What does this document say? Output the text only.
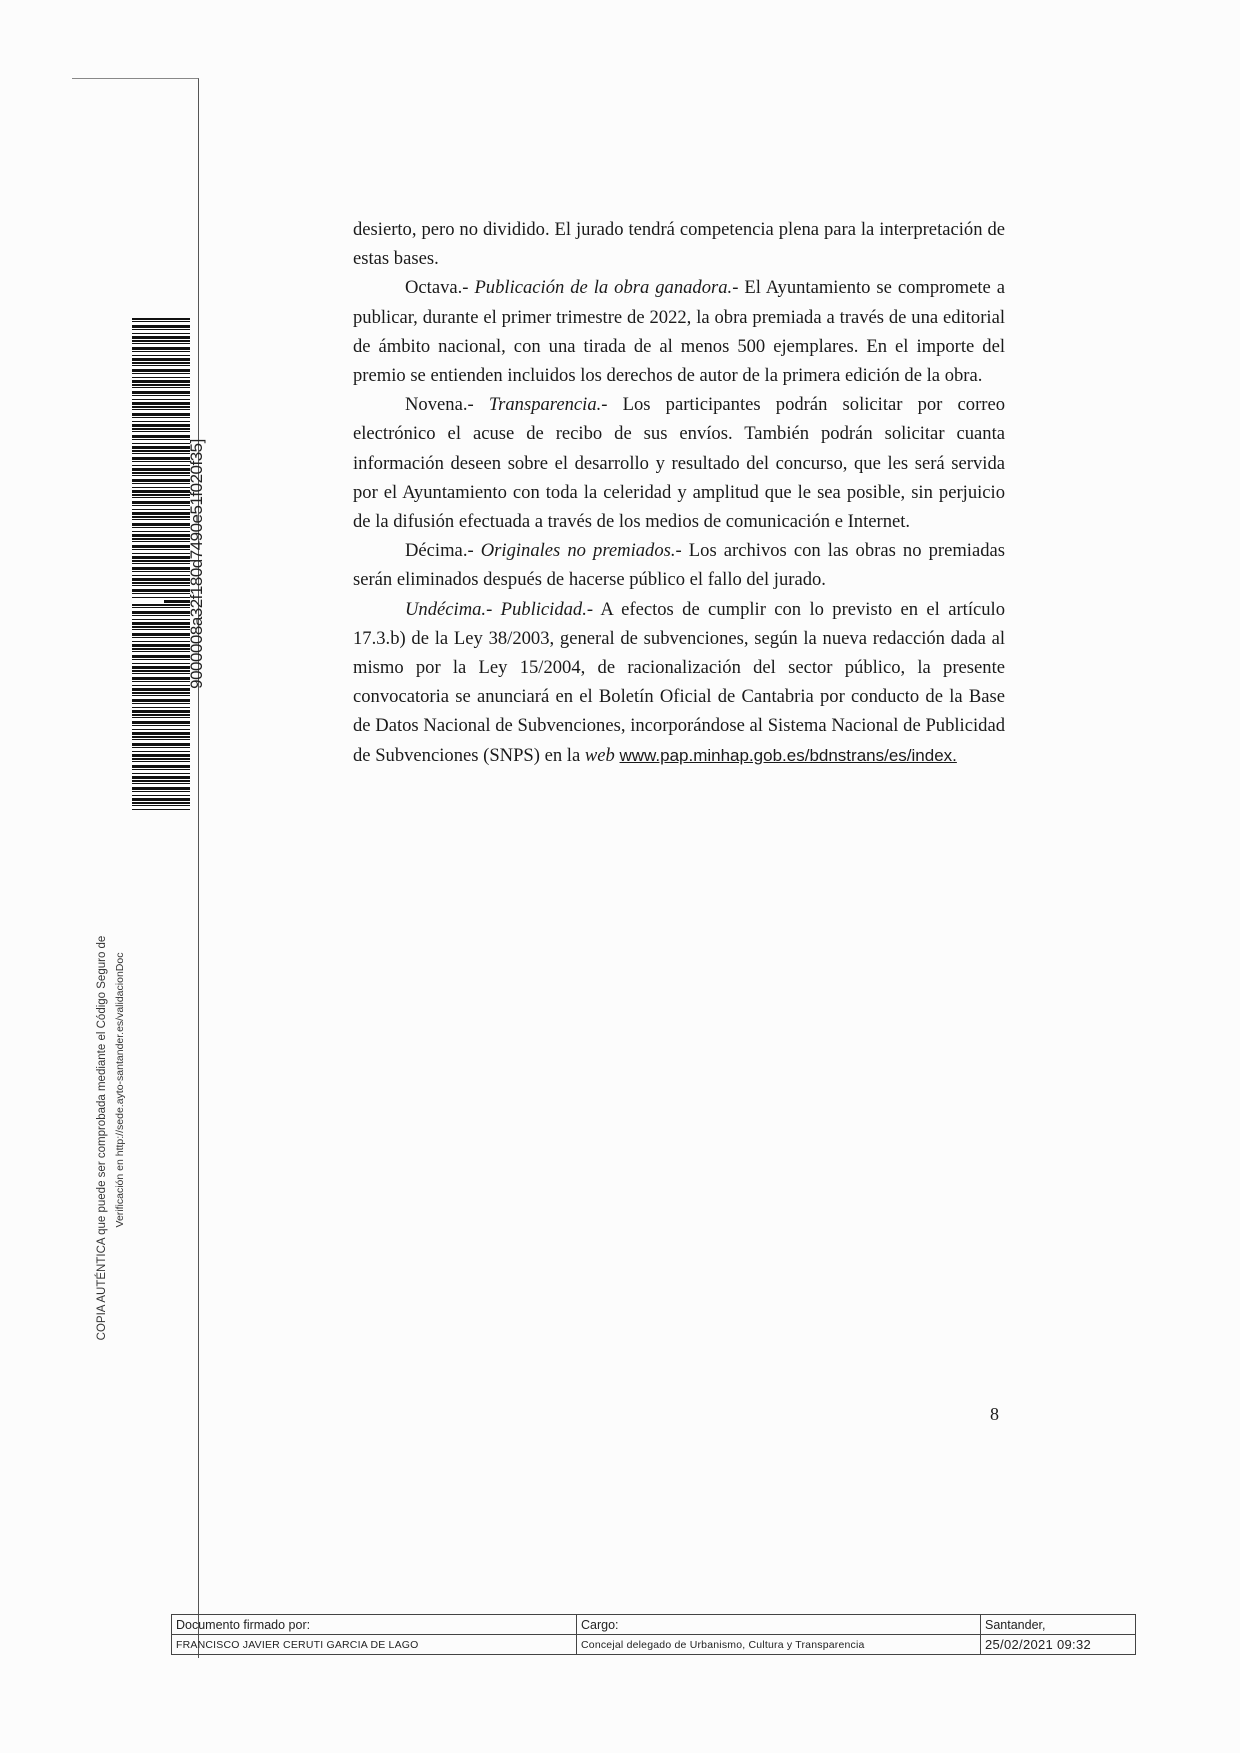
9000008a32f180d7490e51f020f35]
COPIA AUTÉNTICA que puede ser comprobada mediante el Código Seguro de Verificación en http://sede.ayto-santander.es/validacionDoc

desierto, pero no dividido. El jurado tendrá competencia plena para la interpretación de estas bases.

Octava.- Publicación de la obra ganadora.- El Ayuntamiento se compromete a publicar, durante el primer trimestre de 2022, la obra premiada a través de una editorial de ámbito nacional, con una tirada de al menos 500 ejemplares. En el importe del premio se entienden incluidos los derechos de autor de la primera edición de la obra.

Novena.- Transparencia.- Los participantes podrán solicitar por correo electrónico el acuse de recibo de sus envíos. También podrán solicitar cuanta información deseen sobre el desarrollo y resultado del concurso, que les será servida por el Ayuntamiento con toda la celeridad y amplitud que le sea posible, sin perjuicio de la difusión efectuada a través de los medios de comunicación e Internet.

Décima.- Originales no premiados.- Los archivos con las obras no premiadas serán eliminados después de hacerse público el fallo del jurado.

Undécima.- Publicidad.- A efectos de cumplir con lo previsto en el artículo 17.3.b) de la Ley 38/2003, general de subvenciones, según la nueva redacción dada al mismo por la Ley 15/2004, de racionalización del sector público, la presente convocatoria se anunciará en el Boletín Oficial de Cantabria por conducto de la Base de Datos Nacional de Subvenciones, incorporándose al Sistema Nacional de Publicidad de Subvenciones (SNPS) en la web www.pap.minhap.gob.es/bdnstrans/es/index.

8
Documento firmado por:	Cargo:	Santander,
FRANCISCO JAVIER CERUTI GARCIA DE LAGO	Concejal delegado de Urbanismo, Cultura y Transparencia	25/02/2021 09:32
